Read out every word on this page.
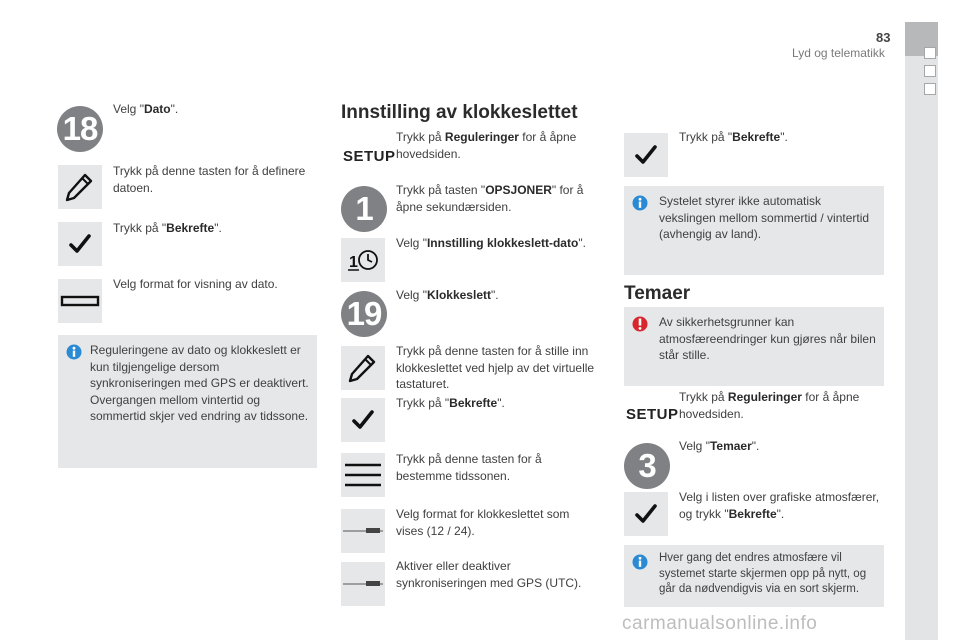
83
Lyd og telematikk
18
Velg "Dato".
Trykk på denne tasten for å definere datoen.
Trykk på "Bekrefte".
Velg format for visning av dato.
Reguleringene av dato og klokkeslett er kun tilgjengelige dersom synkroniseringen med GPS er deaktivert.
Overgangen mellom vintertid og sommertid skjer ved endring av tidssone.
Innstilling av klokkeslettet
SETUP
Trykk på Reguleringer for å åpne hovedsiden.
1	Trykk på tasten "OPSJONER" for å åpne sekundærsiden.
1
Velg "Innstilling klokkeslett-dato".
19	Velg "Klokkeslett".
Trykk på denne tasten for å stille inn klokkeslettet ved hjelp av det virtuelle tastaturet.
Trykk på "Bekrefte".
Trykk på denne tasten for å bestemme tidssonen.
Velg format for klokkeslettet som vises (12 / 24).
Aktiver eller deaktiver synkroniseringen med GPS (UTC).
Trykk på "Bekrefte".
Systelet styrer ikke automatisk vekslingen mellom sommertid / vintertid (avhengig av land).
Temaer
Av sikkerhetsgrunner kan atmosfæreendringer kun gjøres når bilen står stille.
SETUP
Trykk på Reguleringer for å åpne hovedsiden.
3
Velg "Temaer".
Velg i listen over grafiske atmosfærer, og trykk "Bekrefte".
Hver gang det endres atmosfære vil systemet starte skjermen opp på nytt, og går da nødvendigvis via en sort skjerm.
carmanualsonline.info
